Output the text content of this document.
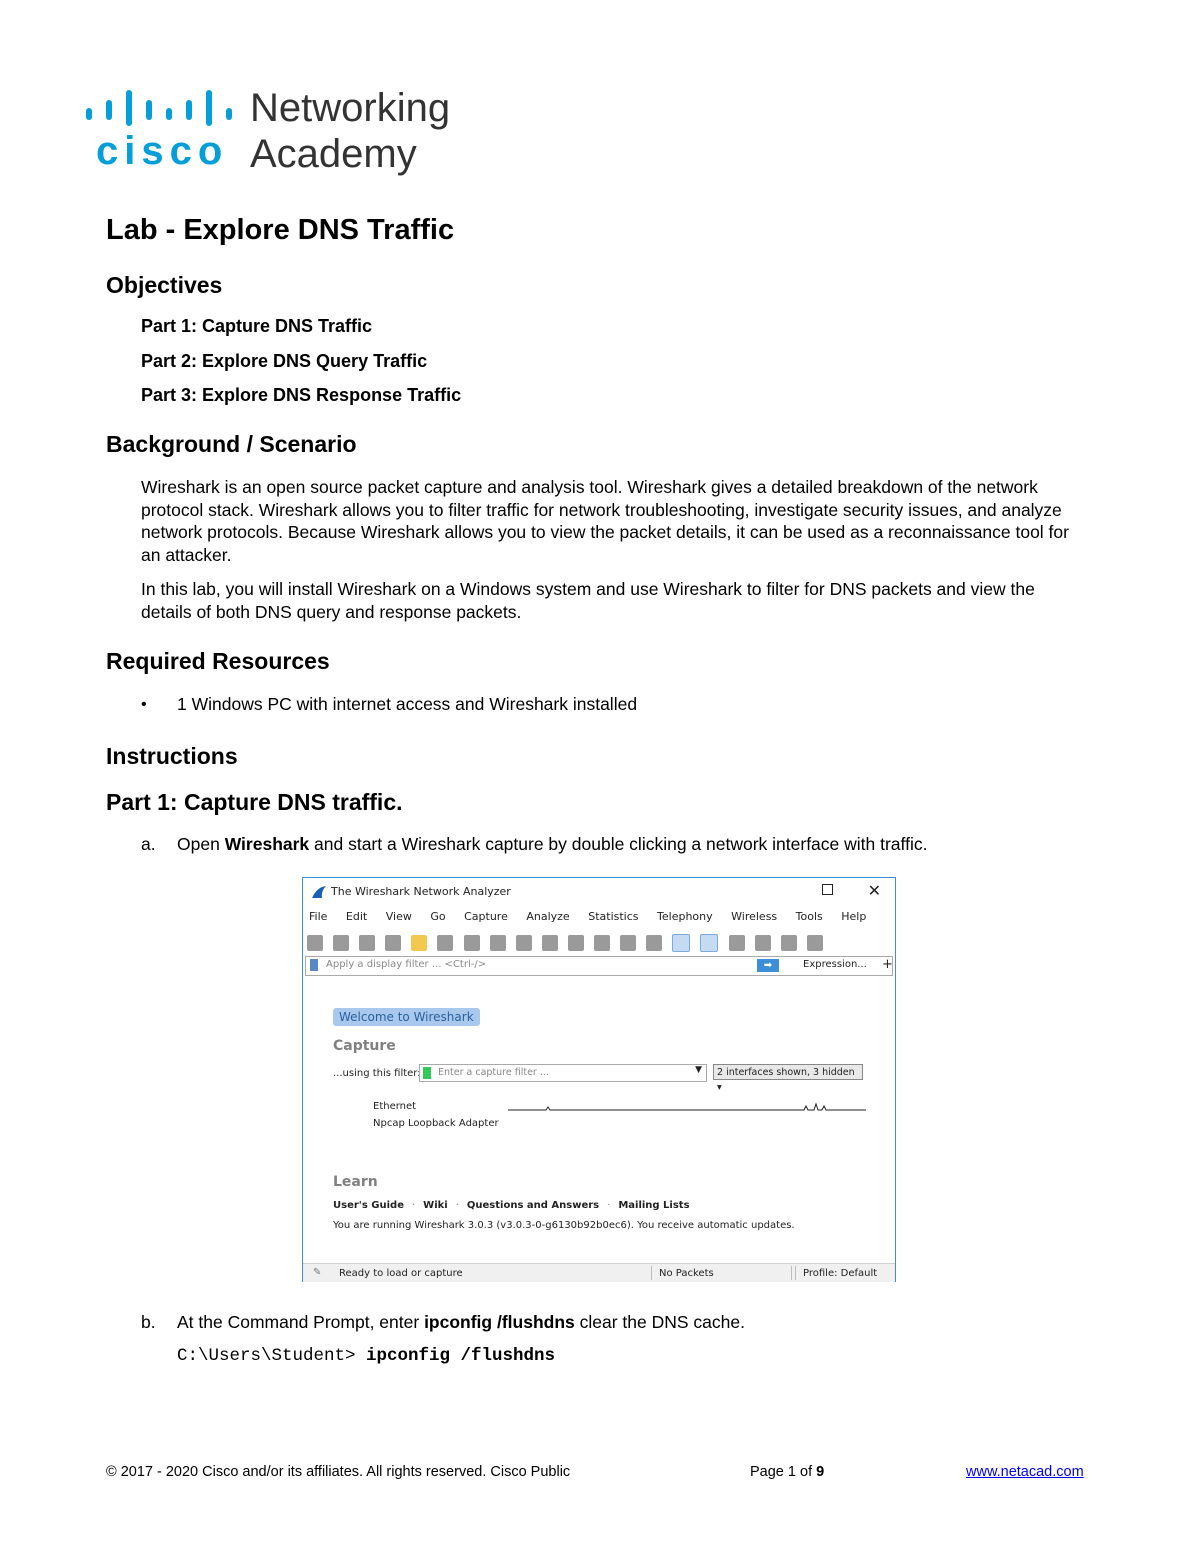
cisco
Networking
Academy
Lab - Explore DNS Traffic
Objectives
Part 1: Capture DNS Traffic
Part 2: Explore DNS Query Traffic
Part 3: Explore DNS Response Traffic
Background / Scenario

Wireshark is an open source packet capture and analysis tool. Wireshark gives a detailed breakdown of the network protocol stack. Wireshark allows you to filter traffic for network troubleshooting, investigate security issues, and analyze network protocols. Because Wireshark allows you to view the packet details, it can be used as a reconnaissance tool for an attacker.

In this lab, you will install Wireshark on a Windows system and use Wireshark to filter for DNS packets and view the details of both DNS query and response packets.

Required Resources
• 1 Windows PC with internet access and Wireshark installed
Instructions
Part 1: Capture DNS traffic.
a. Open Wireshark and start a Wireshark capture by double clicking a network interface with traffic.
The Wireshark Network Analyzer	✕
File Edit View Go Capture Analyze Statistics Telephony Wireless Tools Help

Apply a display filter ... <Ctrl-/>	➡	Expression... +
Welcome to Wireshark
Capture
...using this filter: Enter a capture filter ...	▼	2 interfaces shown, 3 hidden ▾
Ethernet
Npcap Loopback Adapter
Learn
User's Guide · Wiki · Questions and Answers · Mailing Lists
You are running Wireshark 3.0.3 (v3.0.3-0-g6130b92b0ec6). You receive automatic updates.
✎ Ready to load or capture	No Packets	Profile: Default
b. At the Command Prompt, enter ipconfig /flushdns clear the DNS cache.
C:\Users\Student> ipconfig /flushdns
© 2017 - 2020 Cisco and/or its affiliates. All rights reserved. Cisco Public	Page 1 of 9	www.netacad.com
